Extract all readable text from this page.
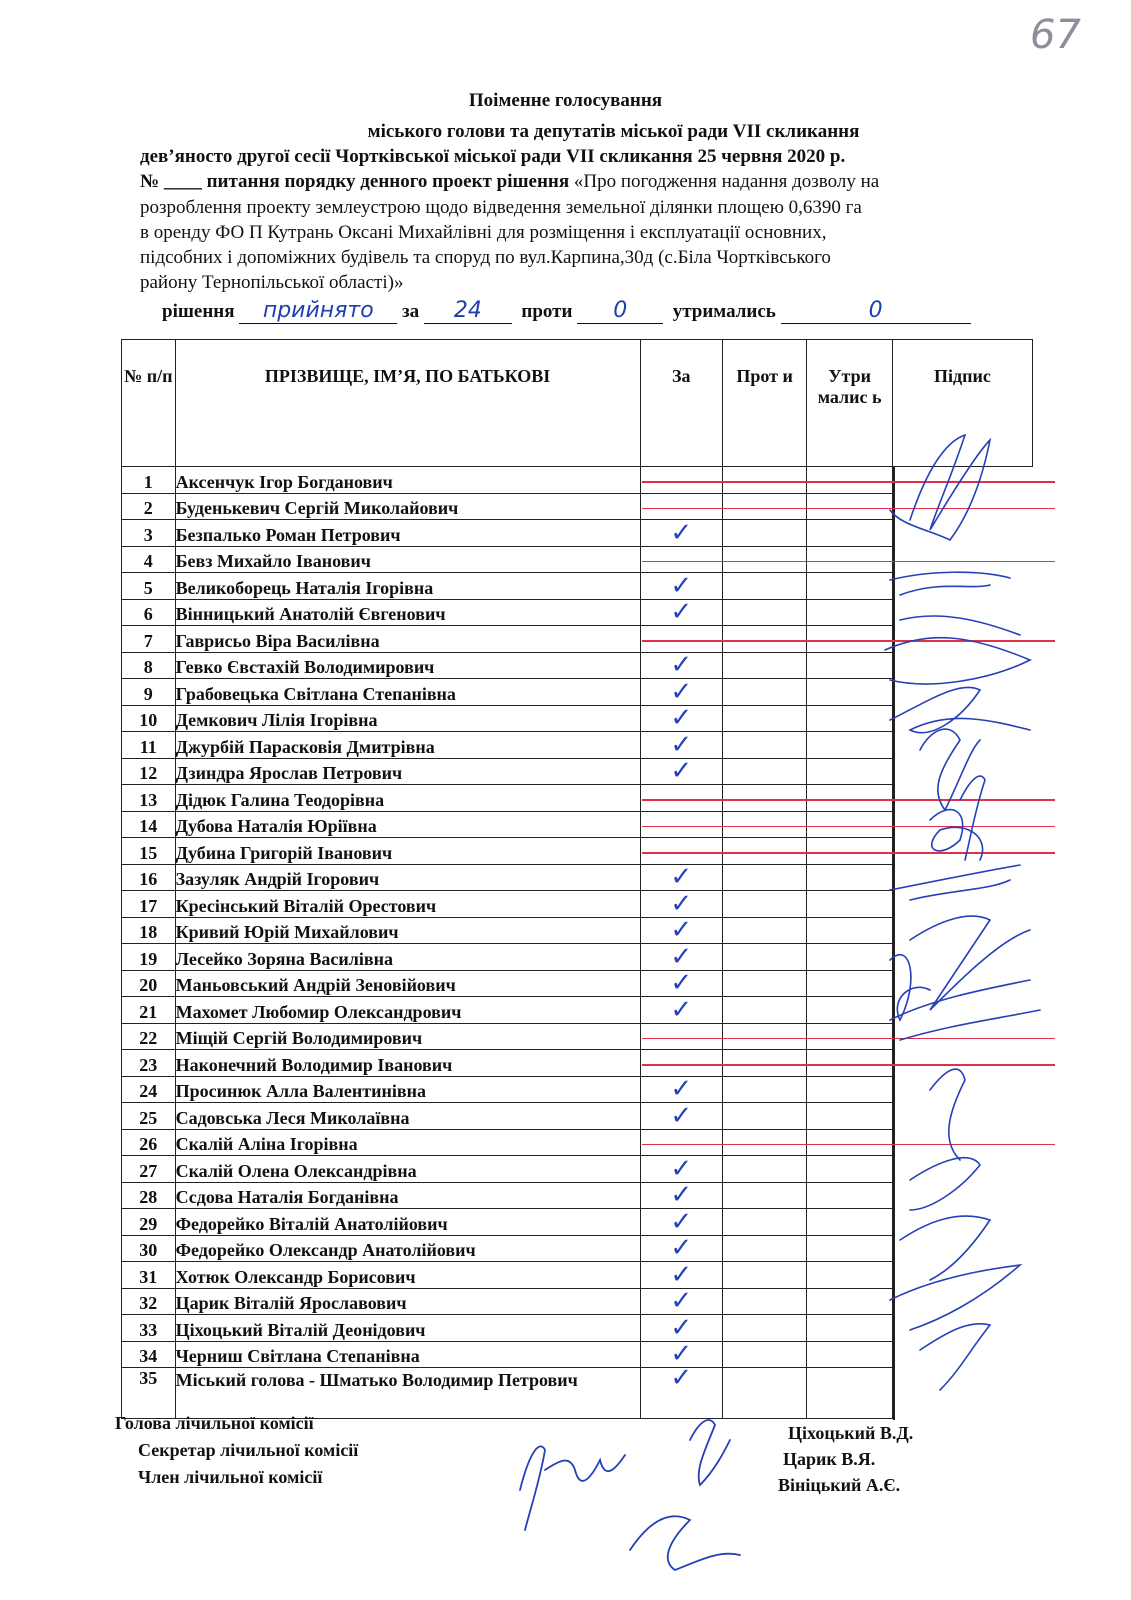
67
Поіменне голосування
міського голови та депутатів міської ради VII скликання
дев’яносто другої сесії Чортківської міської ради VII скликання 25 червня 2020 р.
№ ____ питання порядку денного проект рішення «Про погодження надання дозволу на
розроблення проекту землеустрою щодо відведення земельної ділянки площею 0,6390 га
в оренду ФО П Кутрань Оксані Михайлівні для розміщення і експлуатації основних,
підсобних і допоміжних будівель та споруд по вул.Карпина,30д (с.Біла Чортківського
району Тернопільської області)»
рішення прийнято за 24 проти 0 утримались	0
№ п/п	ПРІЗВИЩЕ, ІМ’Я, ПО БАТЬКОВІ	За	Прот и	Утри малис ь	Підпис
1	Аксенчук Ігор Богданович				

2	Буденькевич Сергій Миколайович				

3	Безпалько Роман Петрович	✓			

4	Бевз Михайло Іванович				

5	Великоборець Наталія Ігорівна	✓			

6	Вінницький Анатолій Євгенович	✓			

7	Гаврисьо Віра Василівна				

8	Гевко Євстахій Володимирович	✓			

9	Грабовецька Світлана Степанівна	✓			

10	Демкович Лілія Ігорівна	✓			

11	Джурбій Парасковія Дмитрівна	✓			

12	Дзиндра Ярослав Петрович	✓			

13	Дідюк Галина Теодорівна				

14	Дубова Наталія Юріївна				

15	Дубина Григорій Іванович				

16	Зазуляк Андрій Ігорович	✓			

17	Кресінський Віталій Орестович	✓			

18	Кривий Юрій Михайлович	✓			

19	Лесейко Зоряна Василівна	✓			

20	Маньовський Андрій Зеновійович	✓			

21	Махомет Любомир Олександрович	✓			

22	Міщій Сергій Володимирович				

23	Наконечний Володимир Іванович				

24	Просинюк Алла Валентинівна	✓			

25	Садовська Леся Миколаївна	✓			

26	Скалій Аліна Ігорівна				

27	Скалій Олена Олександрівна	✓			

28	Ссдова Наталія Богданівна	✓			

29	Федорейко Віталій Анатолійович	✓			

30	Федорейко Олександр Анатолійович	✓			

31	Хотюк Олександр Борисович	✓			

32	Царик Віталій Ярославович	✓			

33	Ціхоцький Віталій Деонідович	✓			

34	Черниш Світлана Степанівна	✓			

35	Міський голова - Шматько Володимир Петрович	✓			
Голова лічильної комісії
Секретар лічильної комісії
Член лічильної комісії
Ціхоцький В.Д.
Царик В.Я.
Вініцький А.Є.
